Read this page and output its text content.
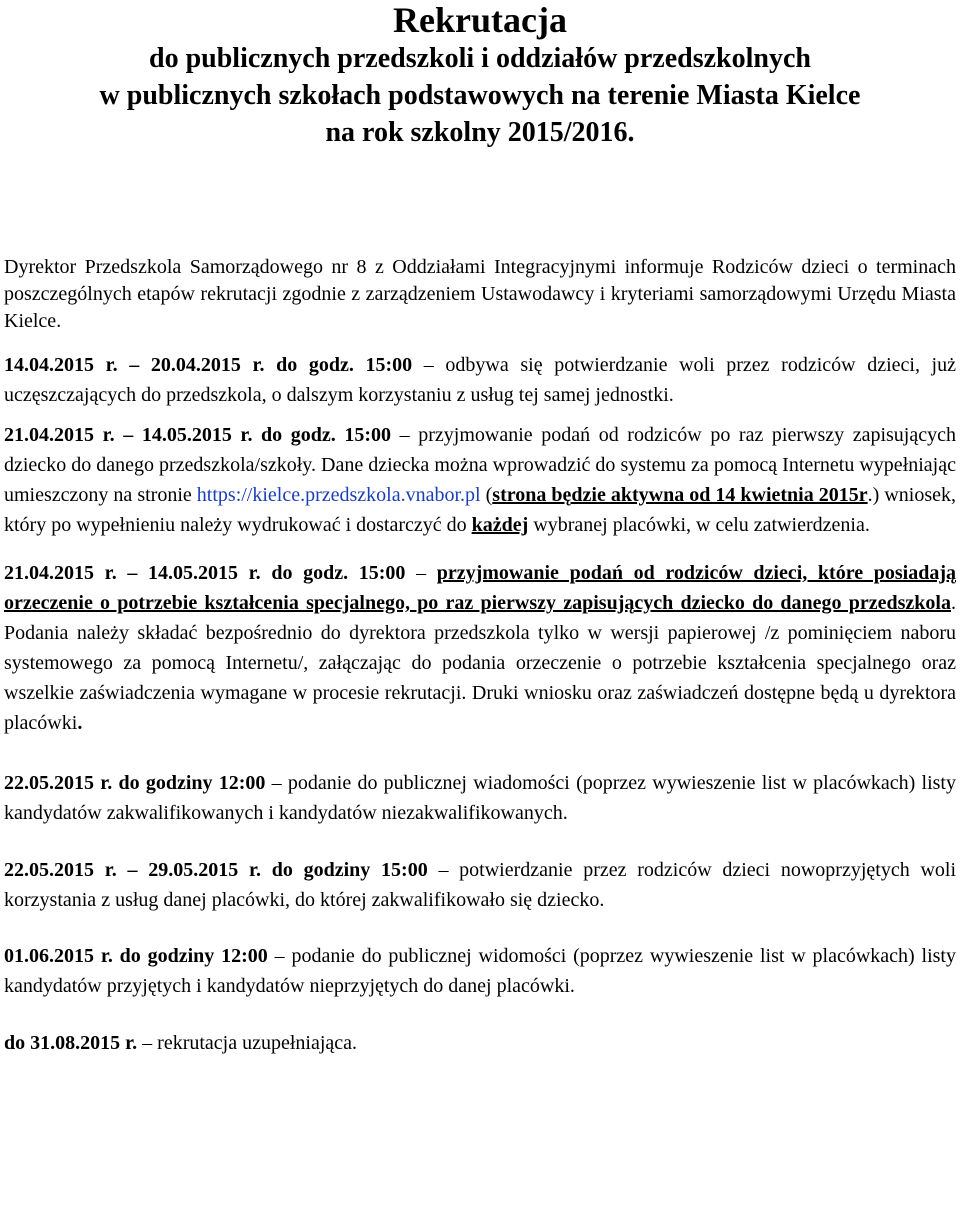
Rekrutacja
do publicznych przedszkoli i oddziałów przedszkolnych
w publicznych szkołach podstawowych na terenie Miasta Kielce
na rok szkolny 2015/2016.

Dyrektor Przedszkola Samorządowego nr 8 z Oddziałami Integracyjnymi informuje Rodziców dzieci o terminach poszczególnych etapów rekrutacji zgodnie z zarządzeniem Ustawodawcy i kryteriami samorządowymi Urzędu Miasta Kielce.

14.04.2015 r. – 20.04.2015 r. do godz. 15:00 – odbywa się potwierdzanie woli przez rodziców dzieci, już uczęszczających do przedszkola, o dalszym korzystaniu z usług tej samej jednostki.

21.04.2015 r. – 14.05.2015 r. do godz. 15:00 – przyjmowanie podań od rodziców po raz pierwszy zapisujących dziecko do danego przedszkola/szkoły. Dane dziecka można wprowadzić do systemu za pomocą Internetu wypełniając umieszczony na stronie https://kielce.przedszkola.vnabor.pl (strona będzie aktywna od 14 kwietnia 2015r.) wniosek, który po wypełnieniu należy wydrukować i dostarczyć do każdej wybranej placówki, w celu zatwierdzenia.

21.04.2015 r. – 14.05.2015 r. do godz. 15:00 – przyjmowanie podań od rodziców dzieci, które posiadają orzeczenie o potrzebie kształcenia specjalnego, po raz pierwszy zapisujących dziecko do danego przedszkola. Podania należy składać bezpośrednio do dyrektora przedszkola tylko w wersji papierowej /z pominięciem naboru systemowego za pomocą Internetu/, załączając do podania orzeczenie o potrzebie kształcenia specjalnego oraz wszelkie zaświadczenia wymagane w procesie rekrutacji. Druki wniosku oraz zaświadczeń dostępne będą u dyrektora placówki.

22.05.2015 r. do godziny 12:00 – podanie do publicznej wiadomości (poprzez wywieszenie list w placówkach) listy kandydatów zakwalifikowanych i kandydatów niezakwalifikowanych.

22.05.2015 r. – 29.05.2015 r. do godziny 15:00 – potwierdzanie przez rodziców dzieci nowoprzyjętych woli korzystania z usług danej placówki, do której zakwalifikowało się dziecko.

01.06.2015 r. do godziny 12:00 – podanie do publicznej widomości (poprzez wywieszenie list w placówkach) listy kandydatów przyjętych i kandydatów nieprzyjętych do danej placówki.

do 31.08.2015 r. – rekrutacja uzupełniająca.
